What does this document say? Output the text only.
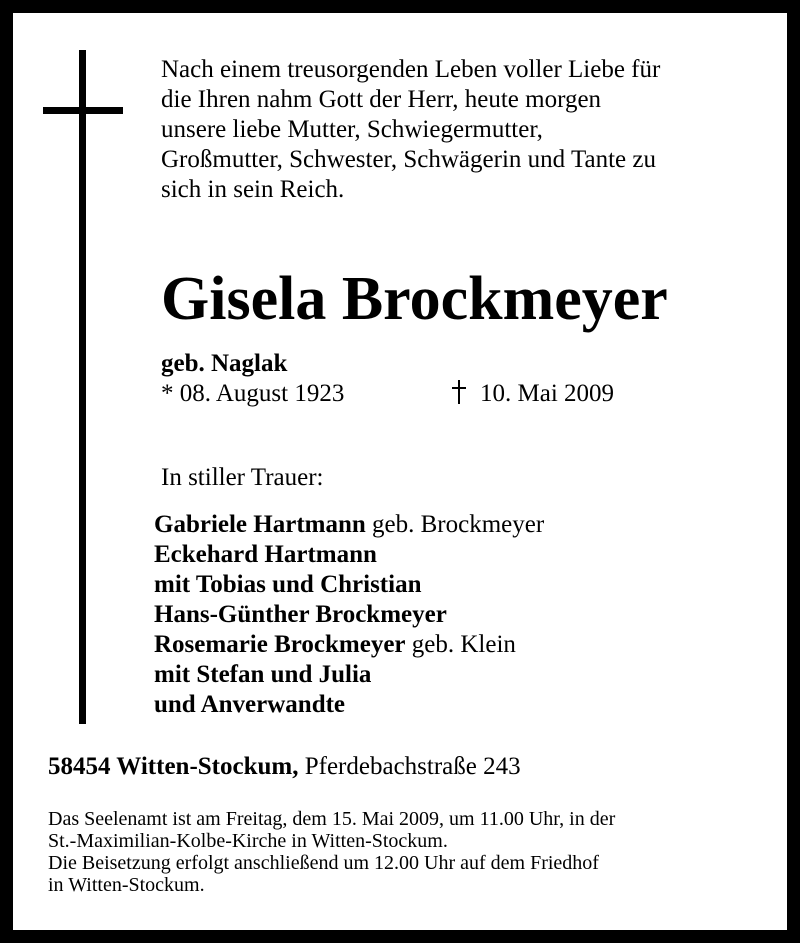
Nach einem treusorgenden Leben voller Liebe für
die Ihren nahm Gott der Herr, heute morgen
unsere liebe Mutter, Schwiegermutter,
Großmutter, Schwester, Schwägerin und Tante zu
sich in sein Reich.
Gisela Brockmeyer
geb. Naglak
* 08. August 1923	10. Mai 2009
In stiller Trauer:
Gabriele Hartmann geb. Brockmeyer
Eckehard Hartmann
mit Tobias und Christian
Hans-Günther Brockmeyer
Rosemarie Brockmeyer geb. Klein
mit Stefan und Julia
und Anverwandte
58454 Witten-Stockum, Pferdebachstraße 243
Das Seelenamt ist am Freitag, dem 15. Mai 2009, um 11.00 Uhr, in der
St.-Maximilian-Kolbe-Kirche in Witten-Stockum.
Die Beisetzung erfolgt anschließend um 12.00 Uhr auf dem Friedhof
in Witten-Stockum.
